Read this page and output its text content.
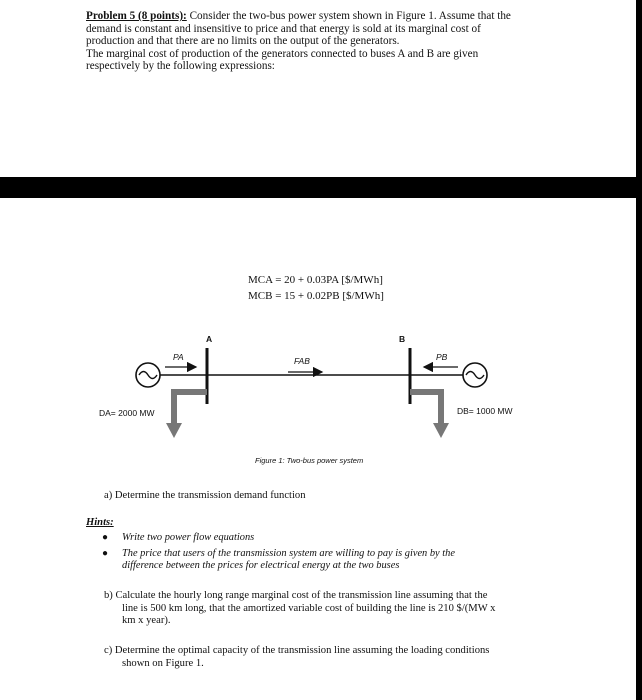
Problem 5 (8 points): Consider the two-bus power system shown in Figure 1. Assume that the
demand is constant and insensitive to price and that energy is sold at its marginal cost of
production and that there are no limits on the output of the generators.
The marginal cost of production of the generators connected to buses A and B are given
respectively by the following expressions:
MCA = 20 + 0.03PA [$/MWh]
MCB = 15 + 0.02PB [$/MWh]
A	B
PA	FAB	PB
DA= 2000 MW	DB= 1000 MW
Figure 1: Two-bus power system
a) Determine the transmission demand function
Hints:
● Write two power flow equations
● The price that users of the transmission system are willing to pay is given by the
difference between the prices for electrical energy at the two buses
b) Calculate the hourly long range marginal cost of the transmission line assuming that the
line is 500 km long, that the amortized variable cost of building the line is 210 $/(MW x
km x year).
c) Determine the optimal capacity of the transmission line assuming the loading conditions
shown on Figure 1.
